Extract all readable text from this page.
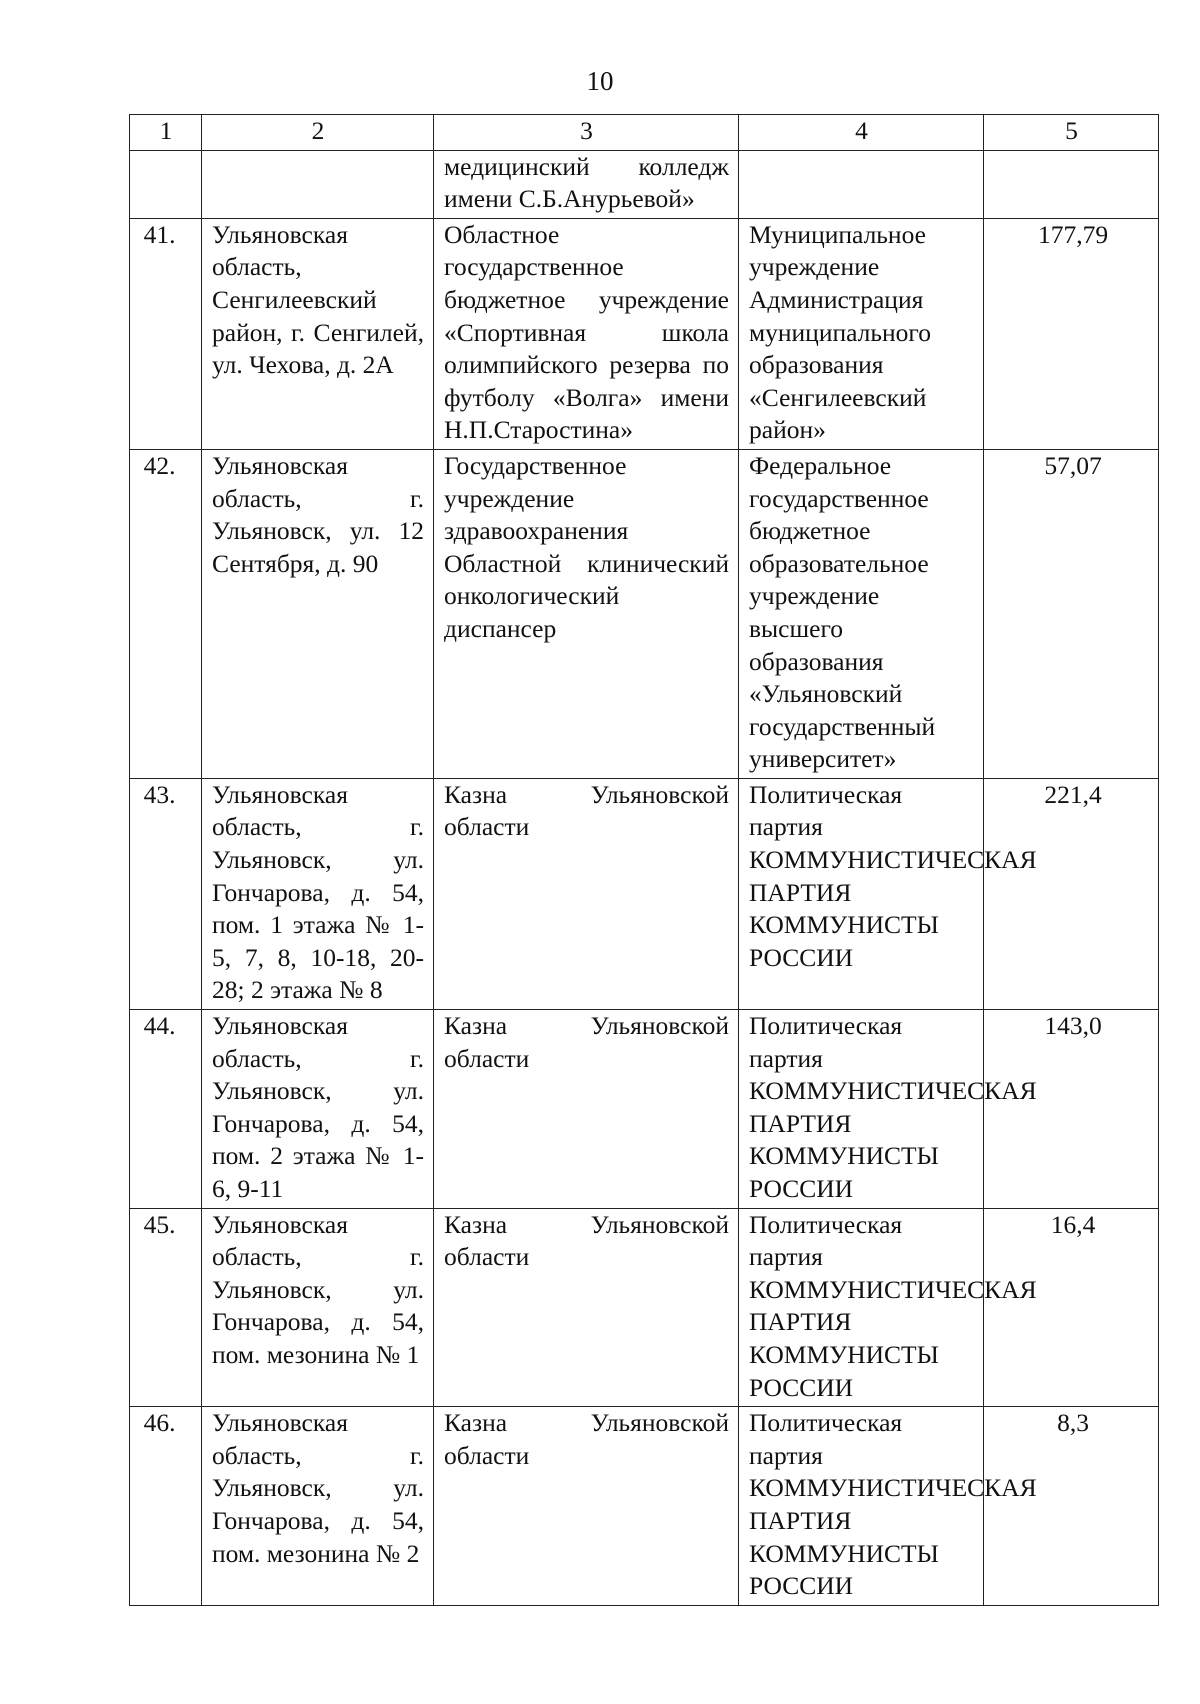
10
1	2	3	4	5
		медицинский колледж имени С.Б.Анурьевой»		
41.	Ульяновская область, Сенгилеевский район, г. Сенгилей, ул. Чехова, д. 2А	Областное государственное бюджетное учреждение «Спортивная школа олимпийского резерва по футболу «Волга» имени Н.П.Старостина»	Муниципальное учреждение Администрация муниципального образования «Сенгилеевский район»	177,79
42.	Ульяновская область, г. Ульяновск, ул. 12 Сентября, д. 90	Государственное учреждение здравоохранения Областной клинический онкологический диспансер	Федеральное государственное бюджетное образовательное учреждение высшего образования «Ульяновский государственный университет»	57,07
43.	Ульяновская область, г. Ульяновск, ул. Гончарова, д. 54, пом. 1 этажа № 1-5, 7, 8, 10-18, 20-28; 2 этажа № 8	Казна Ульяновской области	Политическая партия КОММУНИСТИЧЕСКАЯ ПАРТИЯ КОММУНИСТЫ РОССИИ	221,4
44.	Ульяновская область, г. Ульяновск, ул. Гончарова, д. 54, пом. 2 этажа № 1-6, 9-11	Казна Ульяновской области	Политическая партия КОММУНИСТИЧЕСКАЯ ПАРТИЯ КОММУНИСТЫ РОССИИ	143,0
45.	Ульяновская область, г. Ульяновск, ул. Гончарова, д. 54, пом. мезонина № 1	Казна Ульяновской области	Политическая партия КОММУНИСТИЧЕСКАЯ ПАРТИЯ КОММУНИСТЫ РОССИИ	16,4
46.	Ульяновская область, г. Ульяновск, ул. Гончарова, д. 54, пом. мезонина № 2	Казна Ульяновской области	Политическая партия КОММУНИСТИЧЕСКАЯ ПАРТИЯ КОММУНИСТЫ РОССИИ	8,3
